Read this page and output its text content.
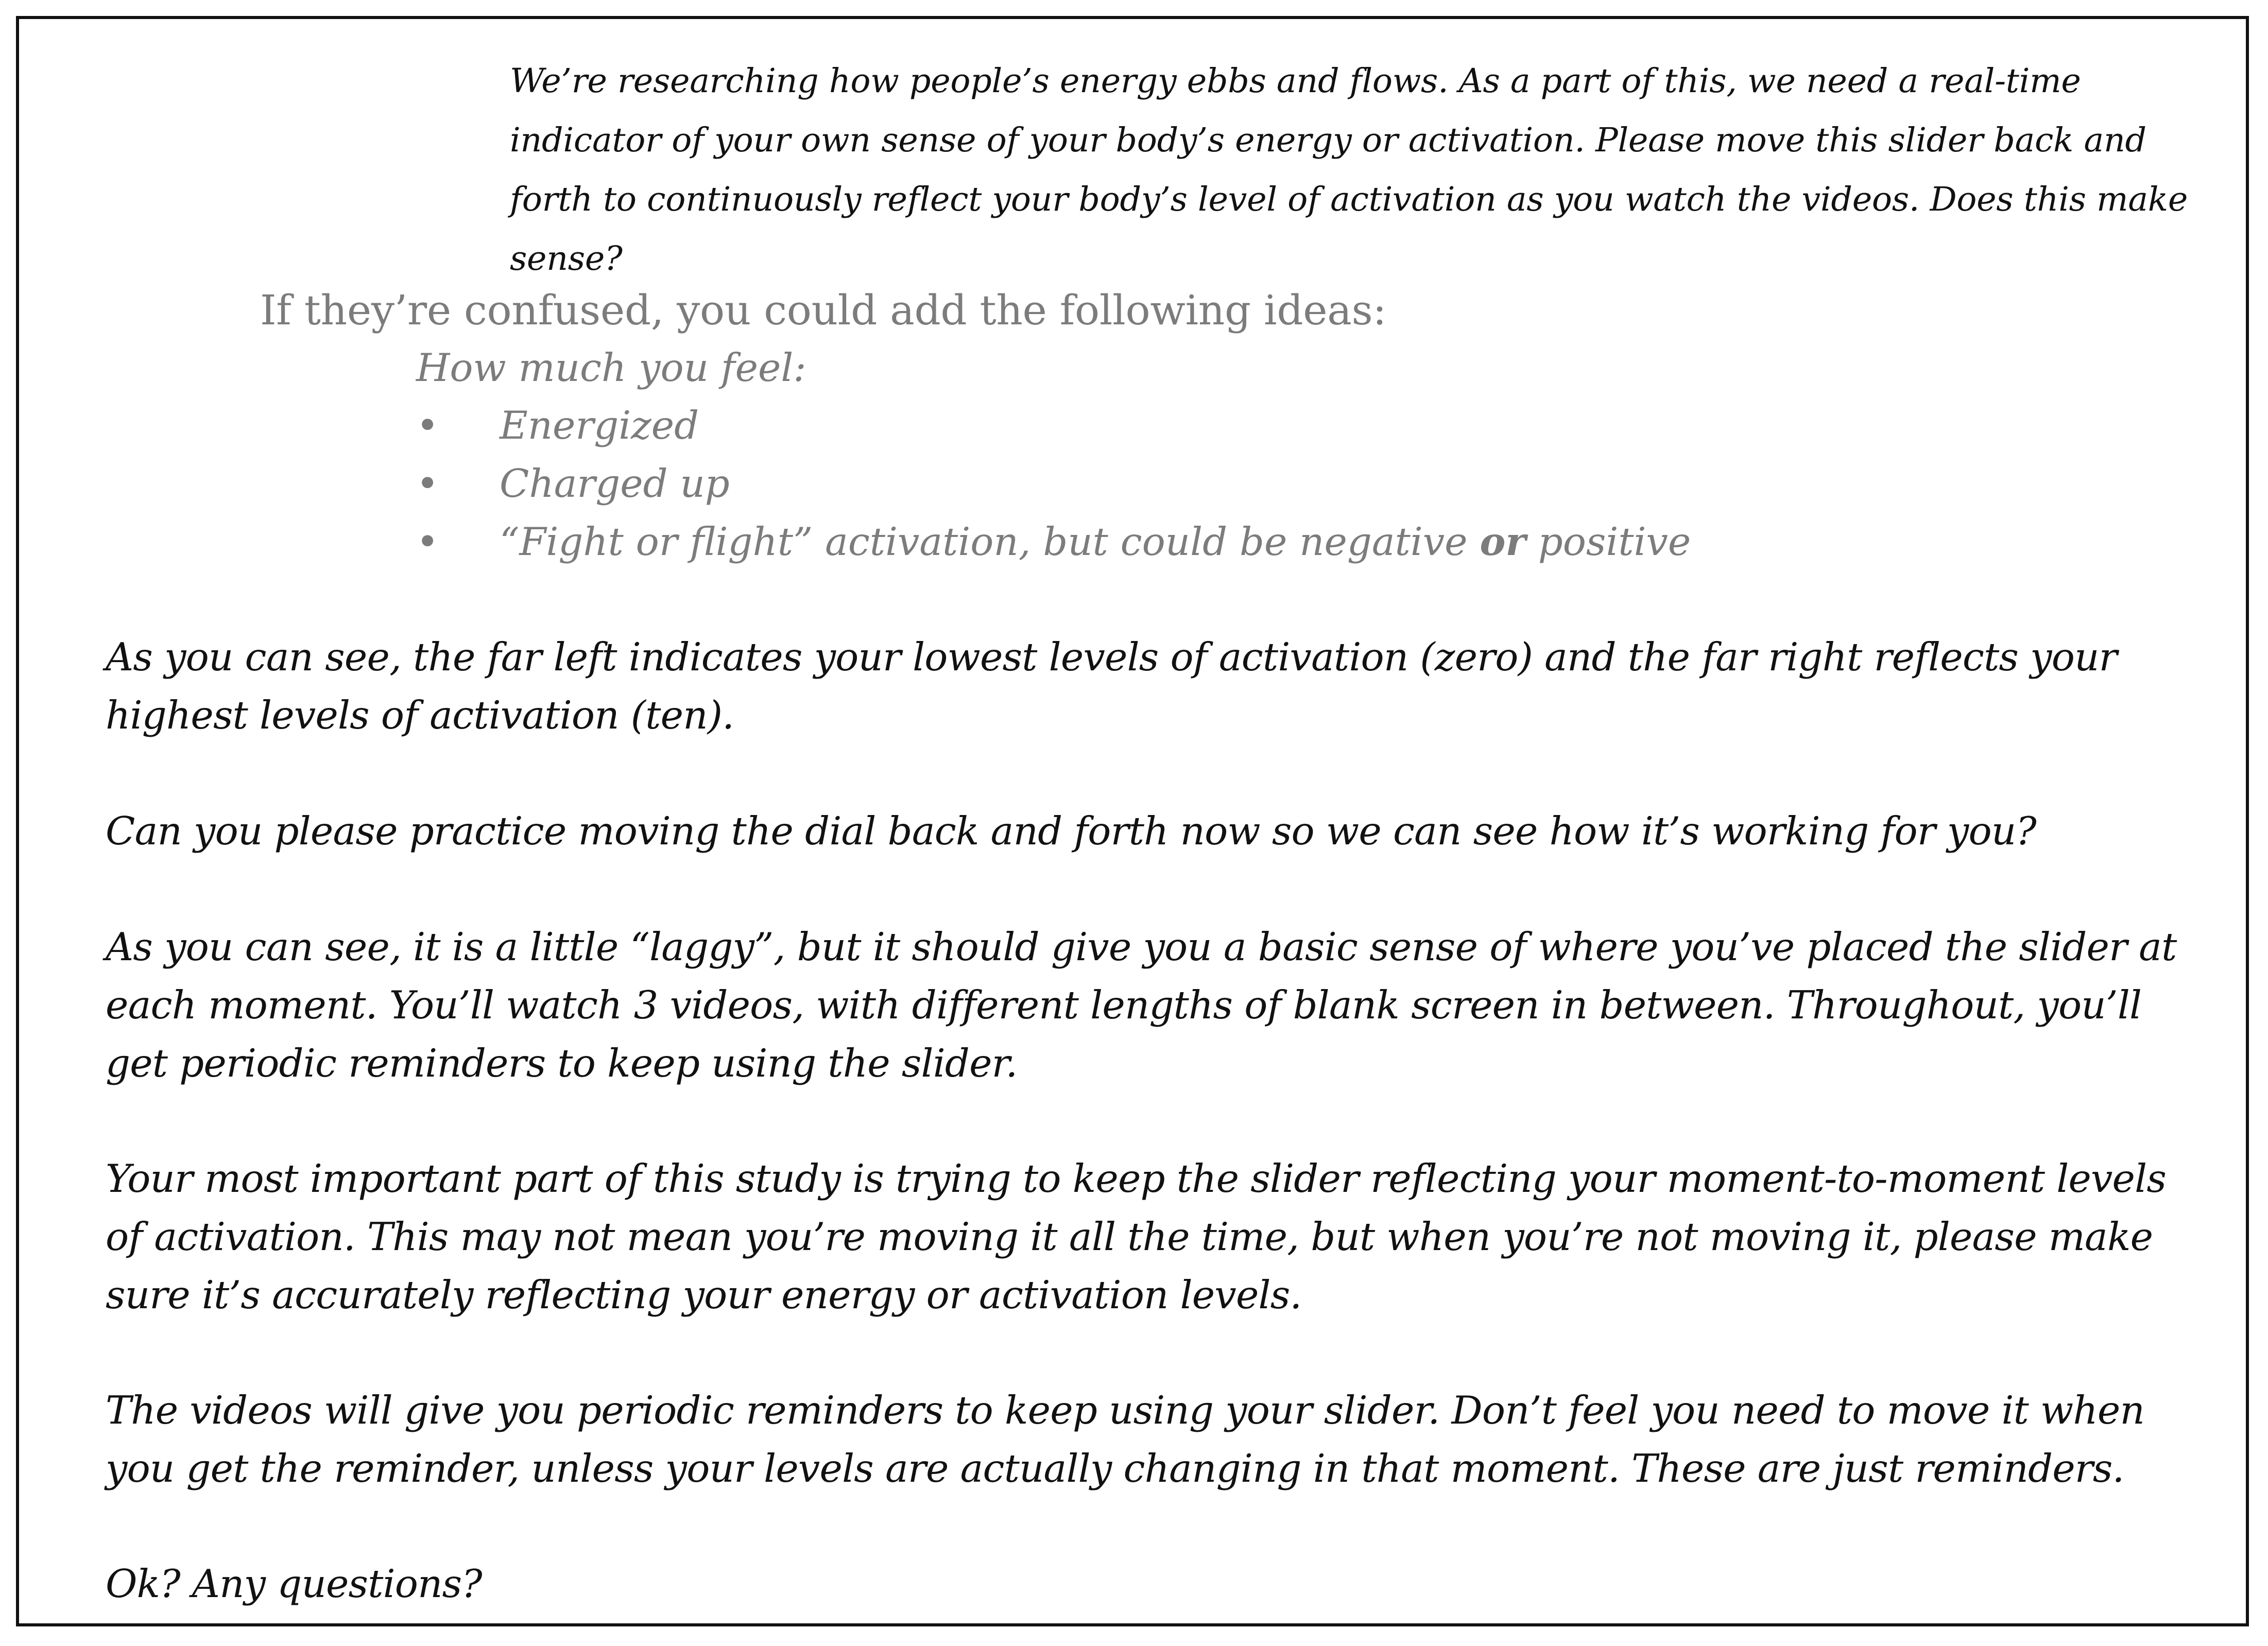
We’re researching how people’s energy ebbs and flows. As a part of this, we need a real-time indicator of your own sense of your body’s energy or activation. Please move this slider back and forth to continuously reflect your body’s level of activation as you watch the videos. Does this make sense?
If they’re confused, you could add the following ideas:
How much you feel:
• Energized
• Charged up
• “Fight or flight” activation, but could be negative or positive
As you can see, the far left indicates your lowest levels of activation (zero) and the far right reflects your highest levels of activation (ten).
Can you please practice moving the dial back and forth now so we can see how it’s working for you?
As you can see, it is a little “laggy”, but it should give you a basic sense of where you’ve placed the slider at each moment. You’ll watch 3 videos, with different lengths of blank screen in between. Throughout, you’ll get periodic reminders to keep using the slider.
Your most important part of this study is trying to keep the slider reflecting your moment-to-moment levels of activation. This may not mean you’re moving it all the time, but when you’re not moving it, please make sure it’s accurately reflecting your energy or activation levels.
The videos will give you periodic reminders to keep using your slider. Don’t feel you need to move it when you get the reminder, unless your levels are actually changing in that moment. These are just reminders.
Ok? Any questions?
